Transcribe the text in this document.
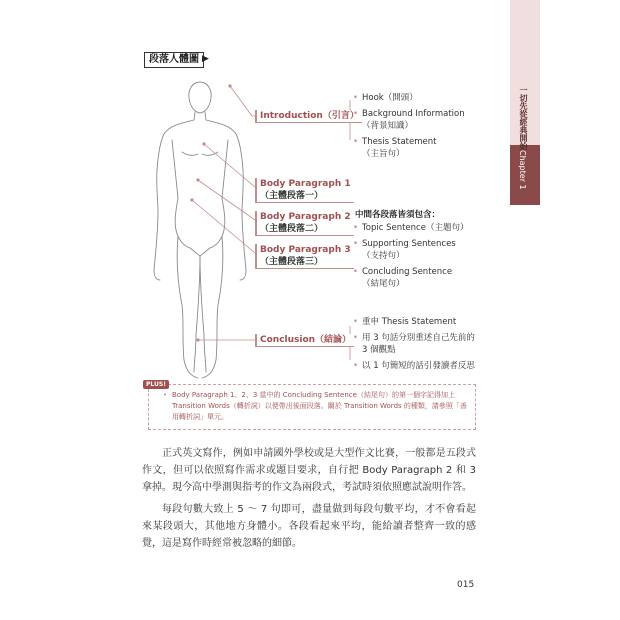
段落人體圖 ▶
一切先從經典開始
Chapter 1
Introduction（引言）
Body Paragraph 1
（主體段落一）
Body Paragraph 2
（主體段落二）
Body Paragraph 3
（主體段落三）
Conclusion（結論）
• Hook（開頭）
• Background Information
（背景知識）
• Thesis Statement
（主旨句）
中間各段落皆須包含：
• Topic Sentence（主題句）
• Supporting Sentences
（支持句）
• Concluding Sentence
（結尾句）
• 重申 Thesis Statement
• 用 3 句話分別重述自己先前的
3 個觀點
• 以 1 句簡短的話引發讀者反思
PLUS!
• Body Paragraph 1、2、3 當中的 Concluding Sentence（結尾句）的第一個字記得加上 Transition Words（轉折詞）以便帶出後面段落。關於 Transition Words 的種類，請參照「善用轉折詞」單元。
正式英文寫作，例如申請國外學校或是大型作文比賽，一般都是五段式作文，但可以依照寫作需求或題目要求，自行把 Body Paragraph 2 和 3 拿掉。現今高中學測與指考的作文為兩段式，考試時須依照應試說明作答。
每段句數大致上 5 ～ 7 句即可，盡量做到每段句數平均，才不會看起來某段頭大，其他地方身體小。各段看起來平均，能給讀者整齊一致的感覺，這是寫作時經常被忽略的細節。
015
